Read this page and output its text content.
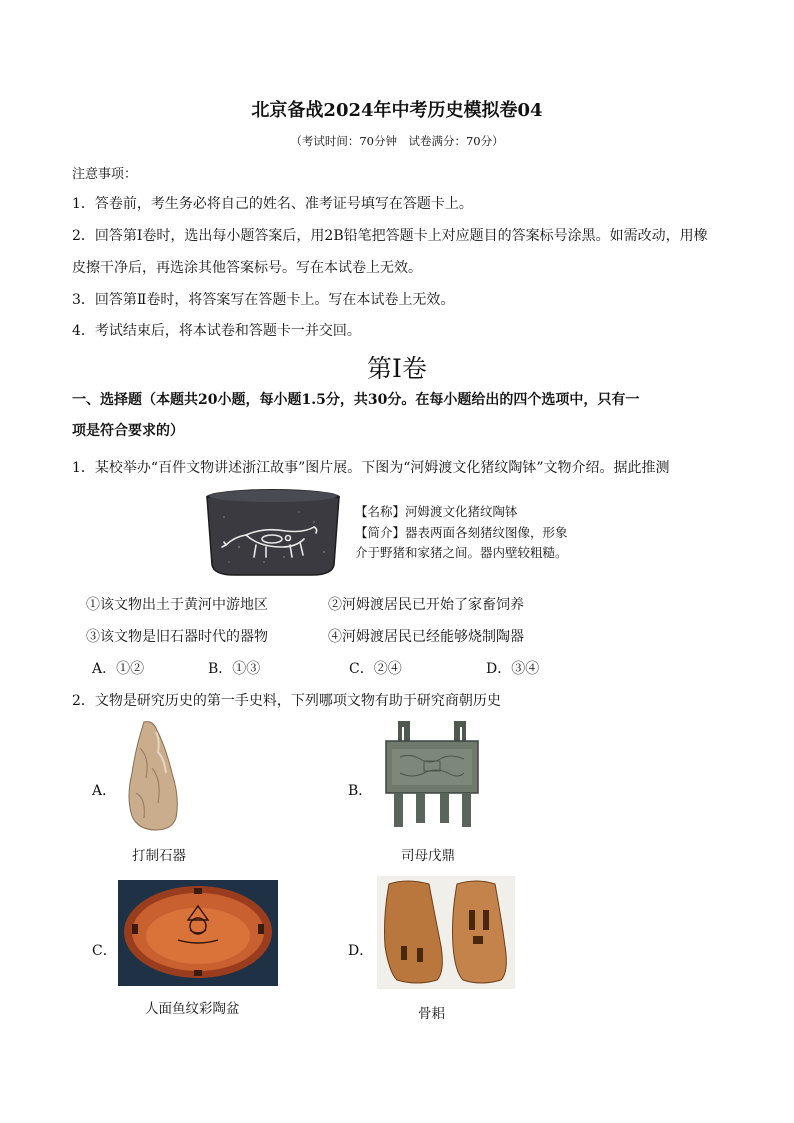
北京备战2024年中考历史模拟卷04
（考试时间：70分钟　试卷满分：70分）
注意事项：
1．答卷前，考生务必将自己的姓名、准考证号填写在答题卡上。
2．回答第Ⅰ卷时，选出每小题答案后，用2B铅笔把答题卡上对应题目的答案标号涂黑。如需改动，用橡
皮擦干净后，再选涂其他答案标号。写在本试卷上无效。
3．回答第Ⅱ卷时，将答案写在答题卡上。写在本试卷上无效。
4．考试结束后，将本试卷和答题卡一并交回。
第Ⅰ卷
一、选择题（本题共20小题，每小题1.5分，共30分。在每小题给出的四个选项中，只有一
项是符合要求的）
1．某校举办“百件文物讲述浙江故事”图片展。下图为“河姆渡文化猪纹陶钵”文物介绍。据此推测
【名称】河姆渡文化猪纹陶钵
【简介】器表两面各刻猪纹图像，形象
介于野猪和家猪之间。器内壁较粗糙。
①该文物出土于黄河中游地区	②河姆渡居民已开始了家畜饲养
③该文物是旧石器时代的器物	④河姆渡居民已经能够烧制陶器
A．①②	B．①③	C．②④	D．③④
2．文物是研究历史的第一手史料，下列哪项文物有助于研究商朝历史
A．
打制石器
B．
司母戊鼎
C．
人面鱼纹彩陶盆
D．
骨耜
